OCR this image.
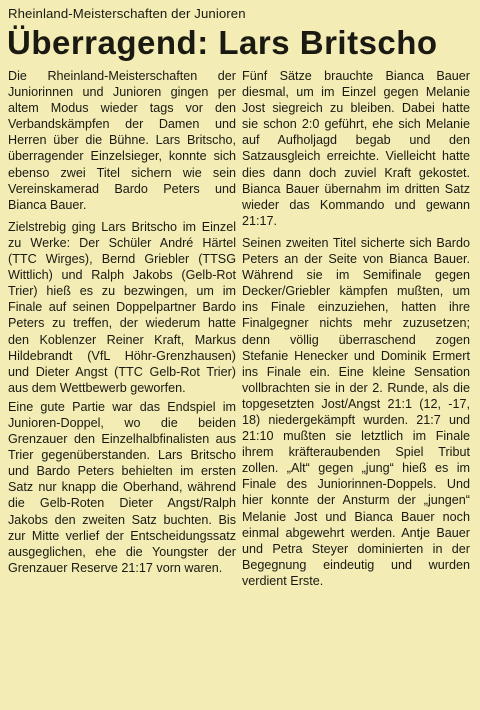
Rheinland-Meisterschaften der Junioren
Überragend: Lars Britscho

Die Rheinland-Meisterschaften der Juniorinnen und Junioren gingen per altem Modus wieder tags vor den Verbandskämpfen der Damen und Herren über die Bühne. Lars Britscho, überragender Einzelsieger, konnte sich ebenso zwei Titel sichern wie sein Vereinskamerad Bardo Peters und Bianca Bauer.

Zielstrebig ging Lars Britscho im Einzel zu Werke: Der Schüler André Härtel (TTC Wirges), Bernd Griebler (TTSG Wittlich) und Ralph Jakobs (Gelb-Rot Trier) hieß es zu bezwingen, um im Finale auf seinen Doppelpartner Bardo Peters zu treffen, der wiederum hatte den Koblenzer Reiner Kraft, Markus Hildebrandt (VfL Höhr-Grenzhausen) und Dieter Angst (TTC Gelb-Rot Trier) aus dem Wettbewerb geworfen.

Eine gute Partie war das Endspiel im Junioren-Doppel, wo die beiden Grenzauer den Einzelhalbfinalisten aus Trier gegenüberstanden. Lars Britscho und Bardo Peters behielten im ersten Satz nur knapp die Oberhand, während die Gelb-Roten Dieter Angst/Ralph Jakobs den zweiten Satz buchten. Bis zur Mitte verlief der Entscheidungssatz ausgeglichen, ehe die Youngster der Grenzauer Reserve 21:17 vorn waren.

Fünf Sätze brauchte Bianca Bauer diesmal, um im Einzel gegen Melanie Jost siegreich zu bleiben. Dabei hatte sie schon 2:0 geführt, ehe sich Melanie auf Aufholjagd begab und den Satzausgleich erreichte. Vielleicht hatte dies dann doch zuviel Kraft gekostet. Bianca Bauer übernahm im dritten Satz wieder das Kommando und gewann 21:17.

Seinen zweiten Titel sicherte sich Bardo Peters an der Seite von Bianca Bauer. Während sie im Semifinale gegen Decker/Griebler kämpfen mußten, um ins Finale einzuziehen, hatten ihre Finalgegner nichts mehr zuzusetzen; denn völlig überraschend zogen Stefanie Henecker und Dominik Ermert ins Finale ein. Eine kleine Sensation vollbrachten sie in der 2. Runde, als die topgesetzten Jost/Angst 21:1 (12, -17, 18) niedergekämpft wurden. 21:7 und 21:10 mußten sie letztlich im Finale ihrem kräfteraubenden Spiel Tribut zollen. „Alt“ gegen „jung“ hieß es im Finale des Juniorinnen-Doppels. Und hier konnte der Ansturm der „jungen“ Melanie Jost und Bianca Bauer noch einmal abgewehrt werden. Antje Bauer und Petra Steyer dominierten in der Begegnung eindeutig und wurden verdient Erste.
